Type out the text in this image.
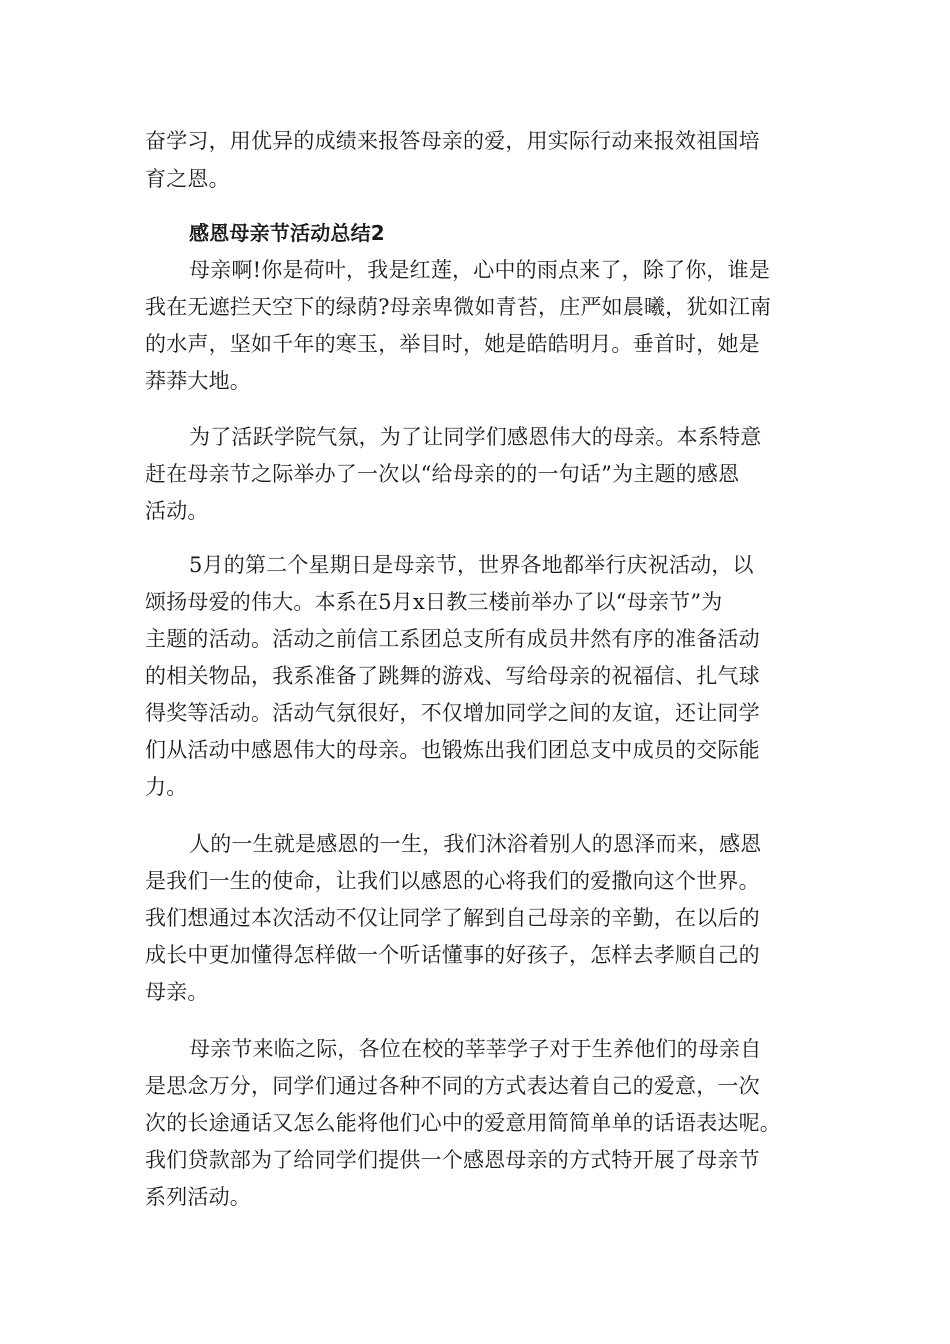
奋学习，用优异的成绩来报答母亲的爱，用实际行动来报效祖国培
育之恩。
感恩母亲节活动总结2
母亲啊!你是荷叶，我是红莲，心中的雨点来了，除了你，谁是
我在无遮拦天空下的绿荫?母亲卑微如青苔，庄严如晨曦，犹如江南
的水声，坚如千年的寒玉，举目时，她是皓皓明月。垂首时，她是
莽莽大地。
为了活跃学院气氛，为了让同学们感恩伟大的母亲。本系特意
赶在母亲节之际举办了一次以“给母亲的的一句话”为主题的感恩
活动。
5月的第二个星期日是母亲节，世界各地都举行庆祝活动，以
颂扬母爱的伟大。本系在5月x日教三楼前举办了以“母亲节”为
主题的活动。活动之前信工系团总支所有成员井然有序的准备活动
的相关物品，我系准备了跳舞的游戏、写给母亲的祝福信、扎气球
得奖等活动。活动气氛很好，不仅增加同学之间的友谊，还让同学
们从活动中感恩伟大的母亲。也锻炼出我们团总支中成员的交际能
力。
人的一生就是感恩的一生，我们沐浴着别人的恩泽而来，感恩
是我们一生的使命，让我们以感恩的心将我们的爱撒向这个世界。
我们想通过本次活动不仅让同学了解到自己母亲的辛勤，在以后的
成长中更加懂得怎样做一个听话懂事的好孩子，怎样去孝顺自己的
母亲。
母亲节来临之际，各位在校的莘莘学子对于生养他们的母亲自
是思念万分，同学们通过各种不同的方式表达着自己的爱意，一次
次的长途通话又怎么能将他们心中的爱意用简简单单的话语表达呢。
我们贷款部为了给同学们提供一个感恩母亲的方式特开展了母亲节
系列活动。
